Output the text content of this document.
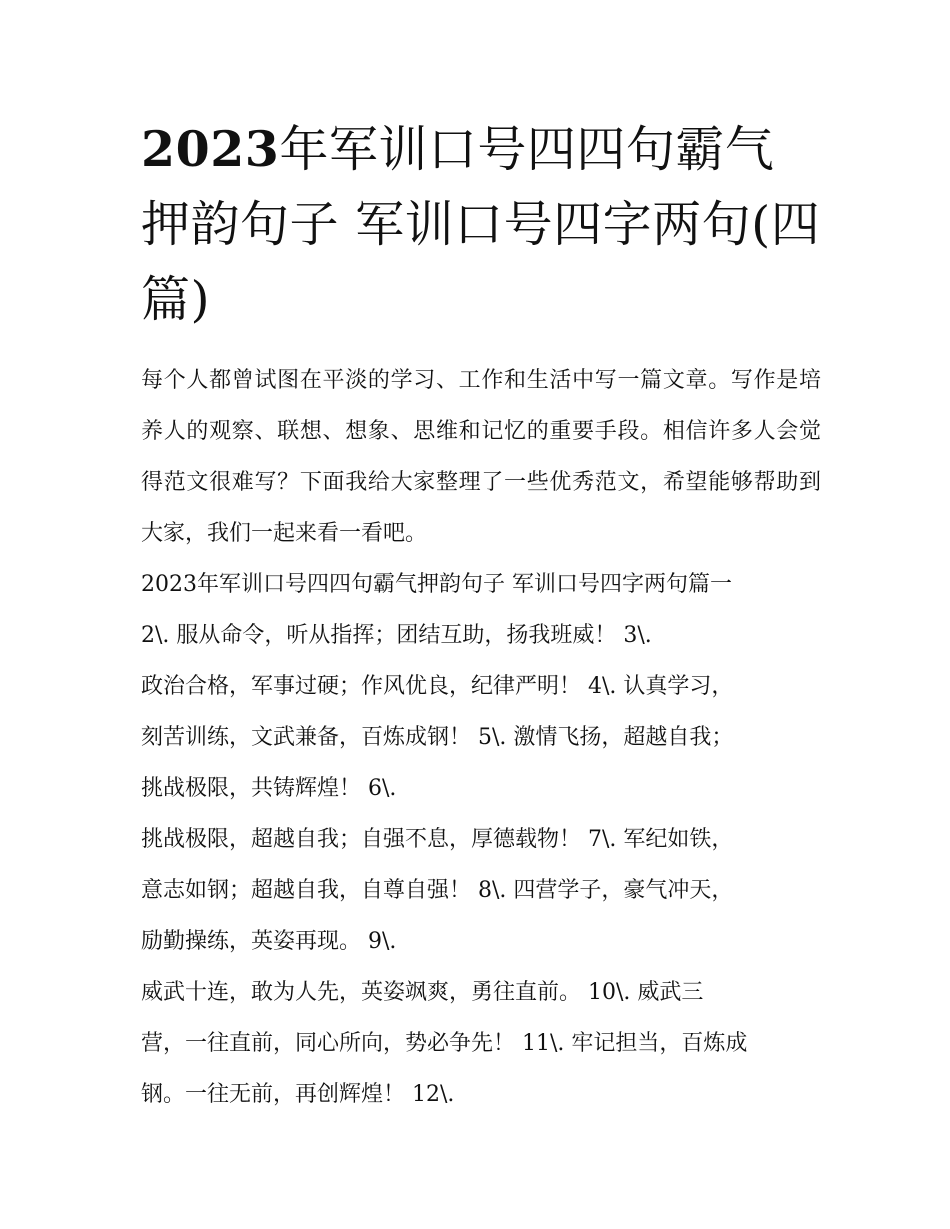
2023年军训口号四四句霸气押韵句子 军训口号四字两句(四篇)

每个人都曾试图在平淡的学习、工作和生活中写一篇文章。写作是培养人的观察、联想、想象、思维和记忆的重要手段。相信许多人会觉得范文很难写？下面我给大家整理了一些优秀范文，希望能够帮助到大家，我们一起来看一看吧。

2023年军训口号四四句霸气押韵句子 军训口号四字两句篇一
2\. 服从命令，听从指挥；团结互助，扬我班威！ 3\.
政治合格，军事过硬；作风优良，纪律严明！ 4\. 认真学习，
刻苦训练，文武兼备，百炼成钢！ 5\. 激情飞扬，超越自我；
挑战极限，共铸辉煌！ 6\.
挑战极限，超越自我；自强不息，厚德载物！ 7\. 军纪如铁，
意志如钢；超越自我，自尊自强！ 8\. 四营学子，豪气冲天，
励勤操练，英姿再现。 9\.
威武十连，敢为人先，英姿飒爽，勇往直前。 10\. 威武三
营，一往直前，同心所向，势必争先！ 11\. 牢记担当，百炼成
钢。一往无前，再创辉煌！ 12\.
